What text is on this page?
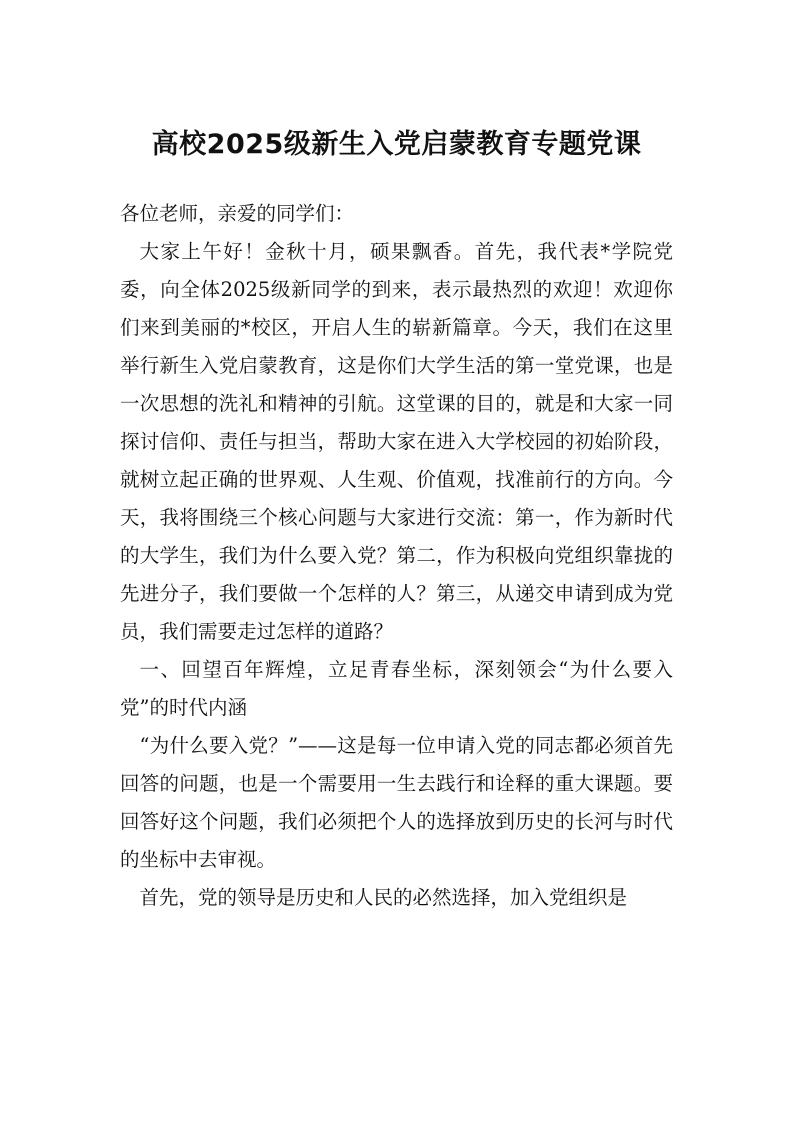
高校2025级新生入党启蒙教育专题党课

各位老师，亲爱的同学们：

大家上午好！金秋十月，硕果飘香。首先，我代表*学院党委，向全体2025级新同学的到来，表示最热烈的欢迎！欢迎你们来到美丽的*校区，开启人生的崭新篇章。今天，我们在这里举行新生入党启蒙教育，这是你们大学生活的第一堂党课，也是一次思想的洗礼和精神的引航。这堂课的目的，就是和大家一同探讨信仰、责任与担当，帮助大家在进入大学校园的初始阶段，就树立起正确的世界观、人生观、价值观，找准前行的方向。今天，我将围绕三个核心问题与大家进行交流：第一，作为新时代的大学生，我们为什么要入党？第二，作为积极向党组织靠拢的先进分子，我们要做一个怎样的人？第三，从递交申请到成为党员，我们需要走过怎样的道路？

一、回望百年辉煌，立足青春坐标，深刻领会“为什么要入党”的时代内涵

“为什么要入党？”——这是每一位申请入党的同志都必须首先回答的问题，也是一个需要用一生去践行和诠释的重大课题。要回答好这个问题，我们必须把个人的选择放到历史的长河与时代的坐标中去审视。

首先，党的领导是历史和人民的必然选择，加入党组织是
